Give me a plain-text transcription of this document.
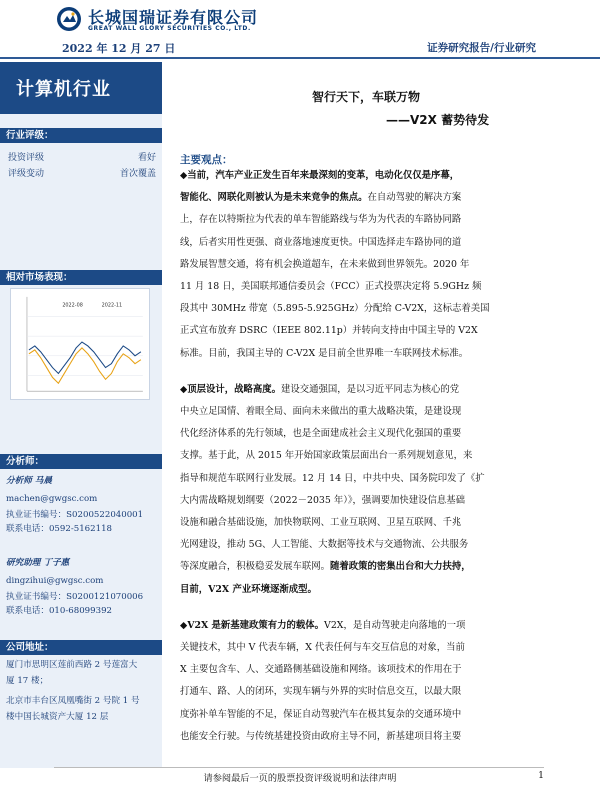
长城国瑞证券有限公司
GREAT WALL GLORY SECURITIES CO., LTD.
2022 年 12 月 27 日	证券研究报告/行业研究
计算机行业
行业评级：
投资评级	看好
评级变动	首次覆盖
相对市场表现：
2022-08	2022-11
分析师：
分析师 马晨
machen@gwgsc.com
执业证书编号：S0200522040001
联系电话：0592-5162118
研究助理 丁子惠
dingzihui@gwgsc.com
执业证书编号：S0200121070006
联系电话：010-68099392
公司地址：
厦门市思明区莲前西路 2 号莲富大
厦 17 楼；
北京市丰台区凤凰嘴街 2 号院 1 号
楼中国长城资产大厦 12 层
智行天下，车联万物
——V2X 蓄势待发
主要观点：
◆当前，汽车产业正发生百年来最深刻的变革，电动化仅仅是序幕，
智能化、网联化则被认为是未来竞争的焦点。在自动驾驶的解决方案
上，存在以特斯拉为代表的单车智能路线与华为为代表的车路协同路
线，后者实用性更强、商业落地速度更快。中国选择走车路协同的道
路发展智慧交通，将有机会换道超车，在未来做到世界领先。2020 年
11 月 18 日，美国联邦通信委员会（FCC）正式投票决定将 5.9GHz 频
段其中 30MHz 带宽（5.895-5.925GHz）分配给 C-V2X，这标志着美国
正式宣布放弃 DSRC（IEEE 802.11p）并转向支持由中国主导的 V2X
标准。目前，我国主导的 C-V2X 是目前全世界唯一车联网技术标准。
◆顶层设计，战略高度。建设交通强国，是以习近平同志为核心的党
中央立足国情、着眼全局、面向未来做出的重大战略决策，是建设现
代化经济体系的先行领域，也是全面建成社会主义现代化强国的重要
支撑。基于此，从 2015 年开始国家政策层面出台一系列规划意见，来
指导和规范车联网行业发展。12 月 14 日，中共中央、国务院印发了《扩
大内需战略规划纲要（2022－2035 年）》，强调要加快建设信息基础
设施和融合基础设施，加快物联网、工业互联网、卫星互联网、千兆
光网建设，推动 5G、人工智能、大数据等技术与交通物流、公共服务
等深度融合，积极稳妥发展车联网。随着政策的密集出台和大力扶持，
目前，V2X 产业环境逐渐成型。
◆V2X 是新基建政策有力的载体。V2X，是自动驾驶走向落地的一项
关键技术，其中 V 代表车辆，X 代表任何与车交互信息的对象，当前
X 主要包含车、人、交通路侧基础设施和网络。该项技术的作用在于
打通车、路、人的闭环，实现车辆与外界的实时信息交互，以最大限
度弥补单车智能的不足，保证自动驾驶汽车在极其复杂的交通环境中
也能安全行驶。与传统基建投资由政府主导不同，新基建项目将主要
请参阅最后一页的股票投资评级说明和法律声明	1
